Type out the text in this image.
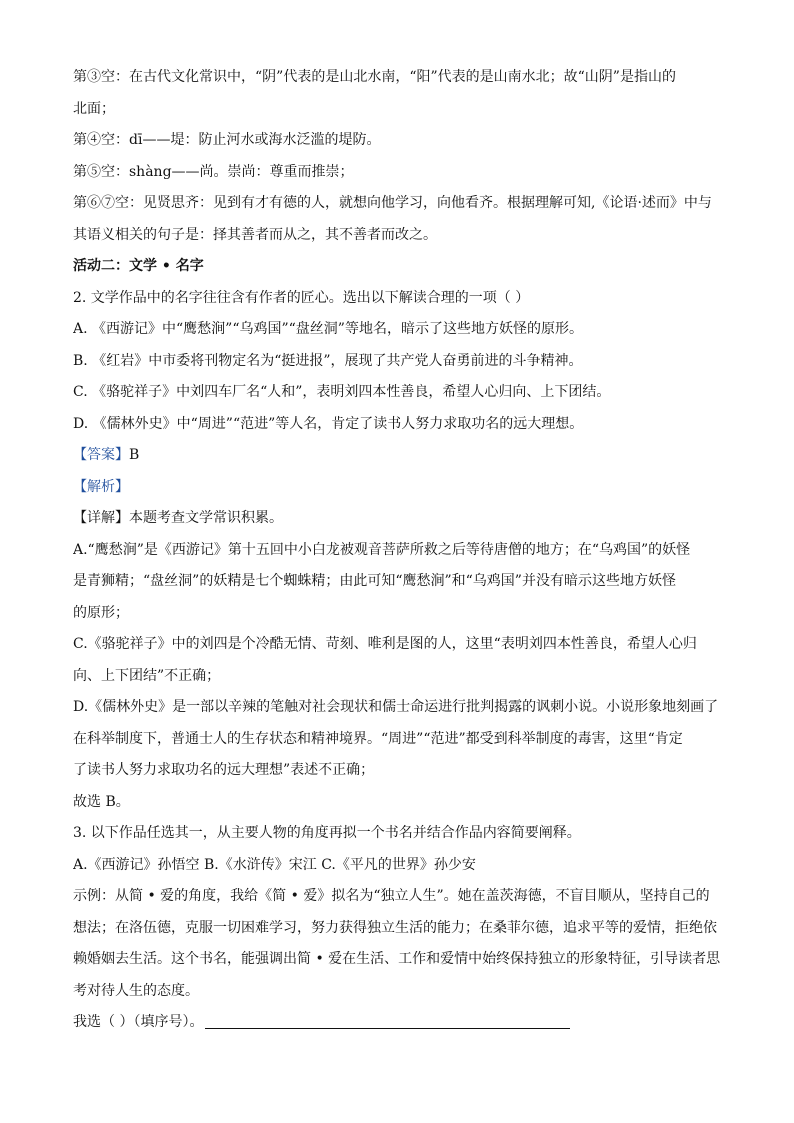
第③空：在古代文化常识中，“阴”代表的是山北水南，“阳”代表的是山南水北；故“山阴”是指山的
北面；
第④空：dī——堤：防止河水或海水泛滥的堤防。
第⑤空：shàng——尚。崇尚：尊重而推崇；
第⑥⑦空：见贤思齐：见到有才有德的人，就想向他学习，向他看齐。根据理解可知,《论语·述而》中与
其语义相关的句子是：择其善者而从之，其不善者而改之。
活动二：文学 • 名字
2. 文学作品中的名字往往含有作者的匠心。选出以下解读合理的一项（ ）
A. 《西游记》中“鹰愁涧”“乌鸡国”“盘丝洞”等地名，暗示了这些地方妖怪的原形。
B. 《红岩》中市委将刊物定名为“挺进报”，展现了共产党人奋勇前进的斗争精神。
C. 《骆驼祥子》中刘四车厂名“人和”，表明刘四本性善良，希望人心归向、上下团结。
D. 《儒林外史》中“周进”“范进”等人名，肯定了读书人努力求取功名的远大理想。
【答案】B
【解析】
【详解】本题考查文学常识积累。
A.“鹰愁涧”是《西游记》第十五回中小白龙被观音菩萨所救之后等待唐僧的地方；在“乌鸡国”的妖怪
是青狮精；“盘丝洞”的妖精是七个蜘蛛精；由此可知“鹰愁涧”和“乌鸡国”并没有暗示这些地方妖怪
的原形；
C.《骆驼祥子》中的刘四是个冷酷无情、苛刻、唯利是图的人，这里“表明刘四本性善良，希望人心归
向、上下团结”不正确；
D.《儒林外史》是一部以辛辣的笔触对社会现状和儒士命运进行批判揭露的讽刺小说。小说形象地刻画了
在科举制度下，普通士人的生存状态和精神境界。“周进”“范进”都受到科举制度的毒害，这里“肯定
了读书人努力求取功名的远大理想”表述不正确；
故选 B。
3. 以下作品任选其一，从主要人物的角度再拟一个书名并结合作品内容简要阐释。
A.《西游记》孙悟空 B.《水浒传》宋江 C.《平凡的世界》孙少安
示例：从简 • 爱的角度，我给《简 • 爱》拟名为“独立人生”。她在盖茨海德，不盲目顺从，坚持自己的
想法；在洛伍德，克服一切困难学习，努力获得独立生活的能力；在桑菲尔德，追求平等的爱情，拒绝依
赖婚姻去生活。这个书名，能强调出简 • 爱在生活、工作和爱情中始终保持独立的形象特征，引导读者思
考对待人生的态度。
我选（ ）（填序号）。
